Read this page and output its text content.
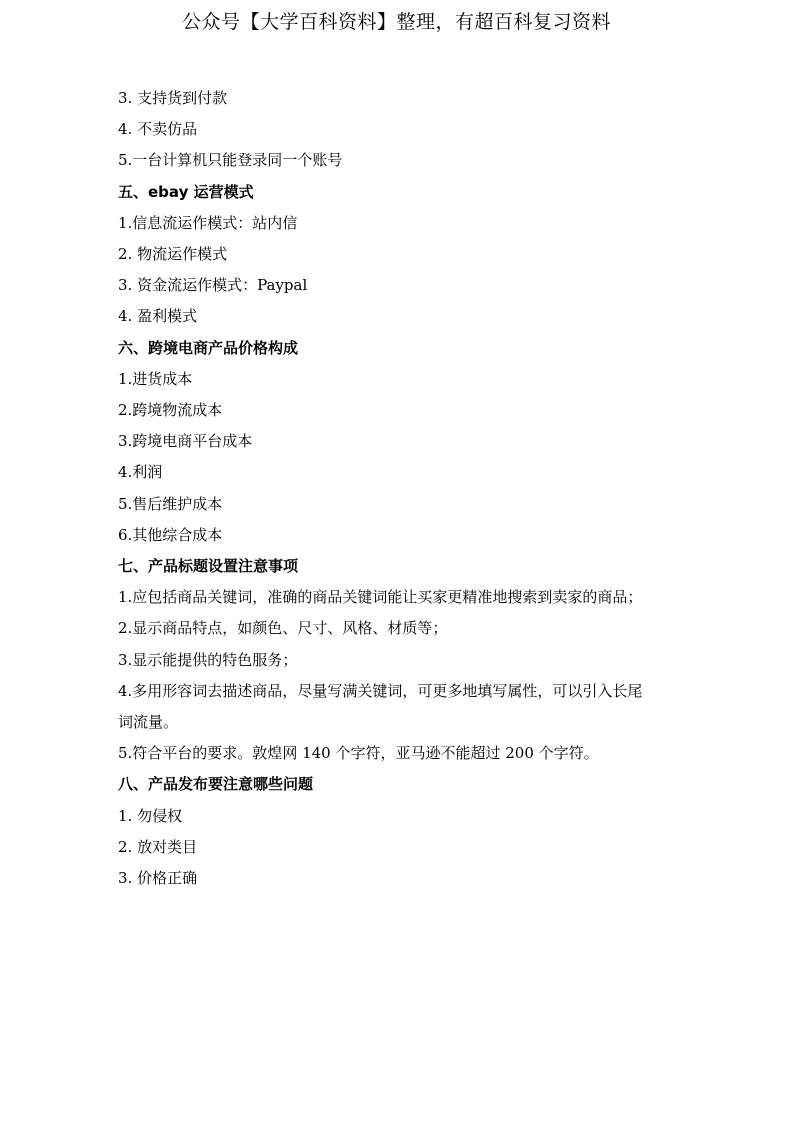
公众号【大学百科资料】整理，有超百科复习资料
3. 支持货到付款
4. 不卖仿品
5.一台计算机只能登录同一个账号
五、ebay 运营模式
1.信息流运作模式：站内信
2. 物流运作模式
3. 资金流运作模式：Paypal
4. 盈利模式
六、跨境电商产品价格构成
1.进货成本
2.跨境物流成本
3.跨境电商平台成本
4.利润
5.售后维护成本
6.其他综合成本
七、产品标题设置注意事项
1.应包括商品关键词，准确的商品关键词能让买家更精准地搜索到卖家的商品；
2.显示商品特点，如颜色、尺寸、风格、材质等；
3.显示能提供的特色服务；
4.多用形容词去描述商品，尽量写满关键词，可更多地填写属性，可以引入长尾
词流量。
5.符合平台的要求。敦煌网 140 个字符，亚马逊不能超过 200 个字符。
八、产品发布要注意哪些问题
1. 勿侵权
2. 放对类目
3. 价格正确
